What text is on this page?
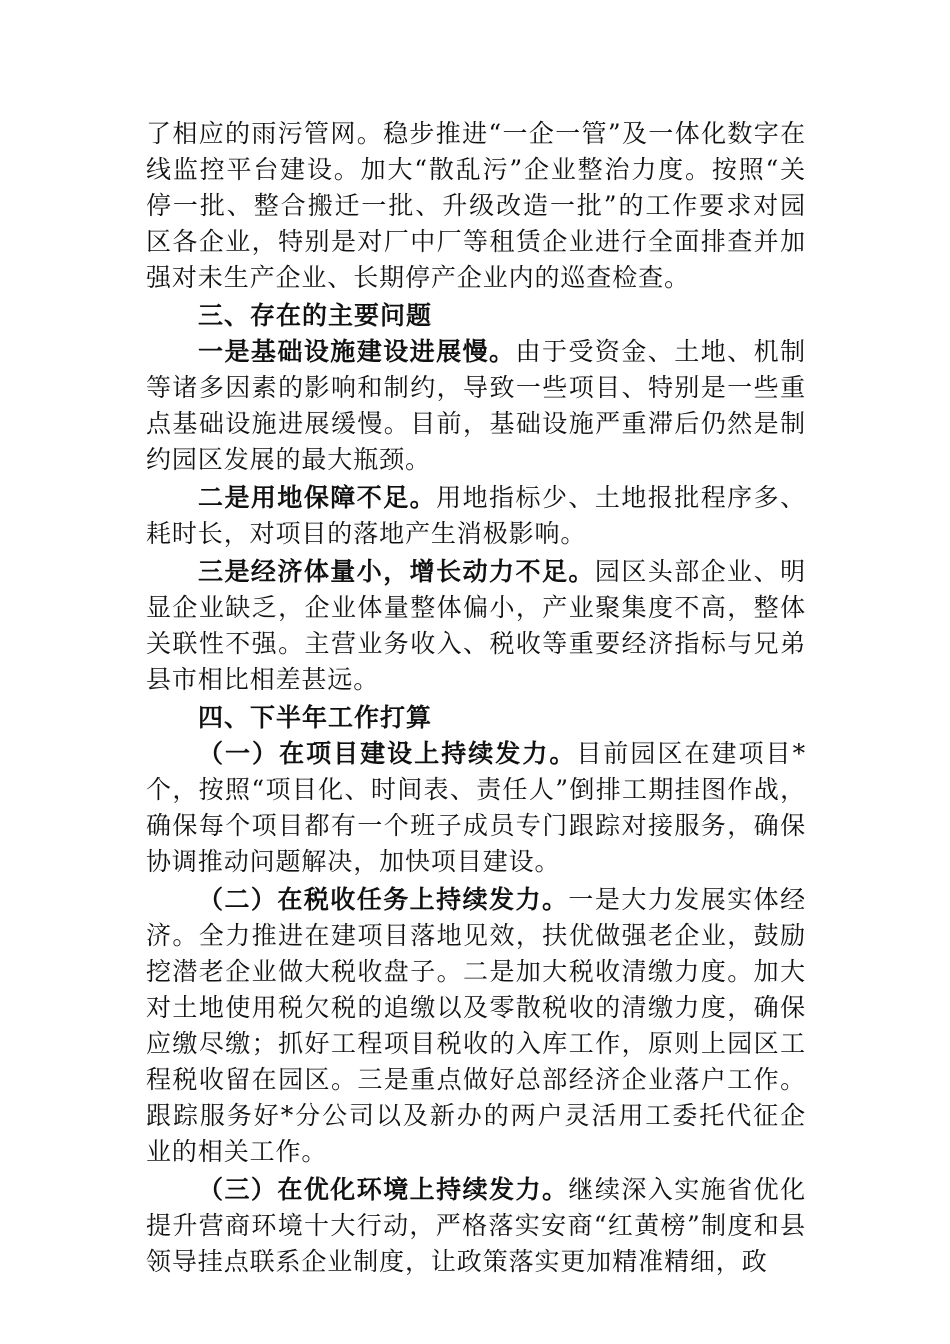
了相应的雨污管网。稳步推进“一企一管”及一体化数字在线监控平台建设。加大“散乱污”企业整治力度。按照“关停一批、整合搬迁一批、升级改造一批”的工作要求对园区各企业，特别是对厂中厂等租赁企业进行全面排查并加强对未生产企业、长期停产企业内的巡查检查。

三、存在的主要问题

一是基础设施建设进展慢。由于受资金、土地、机制等诸多因素的影响和制约，导致一些项目、特别是一些重点基础设施进展缓慢。目前，基础设施严重滞后仍然是制约园区发展的最大瓶颈。

二是用地保障不足。用地指标少、土地报批程序多、耗时长，对项目的落地产生消极影响。

三是经济体量小，增长动力不足。园区头部企业、明显企业缺乏，企业体量整体偏小，产业聚集度不高，整体关联性不强。主营业务收入、税收等重要经济指标与兄弟县市相比相差甚远。

四、下半年工作打算

（一）在项目建设上持续发力。目前园区在建项目*个，按照“项目化、时间表、责任人”倒排工期挂图作战，确保每个项目都有一个班子成员专门跟踪对接服务，确保协调推动问题解决，加快项目建设。

（二）在税收任务上持续发力。一是大力发展实体经济。全力推进在建项目落地见效，扶优做强老企业，鼓励挖潜老企业做大税收盘子。二是加大税收清缴力度。加大对土地使用税欠税的追缴以及零散税收的清缴力度，确保应缴尽缴；抓好工程项目税收的入库工作，原则上园区工程税收留在园区。三是重点做好总部经济企业落户工作。跟踪服务好*分公司以及新办的两户灵活用工委托代征企业的相关工作。

（三）在优化环境上持续发力。继续深入实施省优化提升营商环境十大行动，严格落实安商“红黄榜”制度和县领导挂点联系企业制度，让政策落实更加精准精细，政
